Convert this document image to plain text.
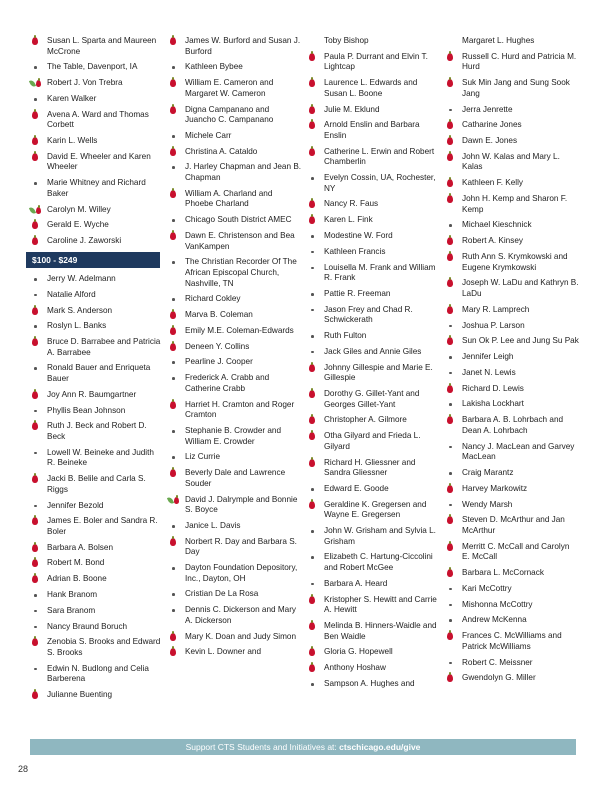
Susan L. Sparta and Maureen McCrone
The Table, Davenport, IA
Robert J. Von Trebra
Karen Walker
Avena A. Ward and Thomas Corbett
Karin L. Wells
David E. Wheeler and Karen Wheeler
Marie Whitney and Richard Baker
Carolyn M. Willey
Gerald E. Wyche
Caroline J. Zaworski
$100 - $249
Jerry W. Adelmann
Natalie Alford
Mark S. Anderson
Roslyn L. Banks
Bruce D. Barrabee and Patricia A. Barrabee
Ronald Bauer and Enriqueta Bauer
Joy Ann R. Baumgartner
Phyllis Bean Johnson
Ruth J. Beck and Robert D. Beck
Lowell W. Beineke and Judith R. Beineke
Jacki B. Belile and Carla S. Riggs
Jennifer Bezold
James E. Boler and Sandra R. Boler
Barbara A. Bolsen
Robert M. Bond
Adrian B. Boone
Hank Branom
Sara Branom
Nancy Braund Boruch
Zenobia S. Brooks and Edward S. Brooks
Edwin N. Budlong and Celia Barberena
Julianne Buenting
James W. Burford and Susan J. Burford
Kathleen Bybee
William E. Cameron and Margaret W. Cameron
Digna Campanano and Juancho C. Campanano
Michele Carr
Christina A. Cataldo
J. Harley Chapman and Jean B. Chapman
William A. Charland and Phoebe Charland
Chicago South District AMEC
Dawn E. Christenson and Bea VanKampen
The Christian Recorder Of The African Episcopal Church, Nashville, TN
Richard Cokley
Marva B. Coleman
Emily M.E. Coleman-Edwards
Deneen Y. Collins
Pearline J. Cooper
Frederick A. Crabb and Catherine Crabb
Harriet H. Cramton and Roger Cramton
Stephanie B. Crowder and William E. Crowder
Liz Currie
Beverly Dale and Lawrence Souder
David J. Dalrymple and Bonnie S. Boyce
Janice L. Davis
Norbert R. Day and Barbara S. Day
Dayton Foundation Depository, Inc., Dayton, OH
Cristian De La Rosa
Dennis C. Dickerson and Mary A. Dickerson
Mary K. Doan and Judy Simon
Kevin L. Downer and
Toby Bishop
Paula P. Durrant and Elvin T. Lightcap
Laurence L. Edwards and Susan L. Boone
Julie M. Eklund
Arnold Enslin and Barbara Enslin
Catherine L. Erwin and Robert Chamberlin
Evelyn Cossin, UA, Rochester, NY
Nancy R. Faus
Karen L. Fink
Modestine W. Ford
Kathleen Francis
Louisella M. Frank and William R. Frank
Pattie R. Freeman
Jason Frey and Chad R. Schwickerath
Ruth Fulton
Jack Giles and Annie Giles
Johnny Gillespie and Marie E. Gillespie
Dorothy G. Gillet-Yant and Georges Gillet-Yant
Christopher A. Gilmore
Otha Gilyard and Frieda L. Gilyard
Richard H. Gliessner and Sandra Gliessner
Edward E. Goode
Geraldine K. Gregersen and Wayne E. Gregersen
John W. Grisham and Sylvia L. Grisham
Elizabeth C. Hartung-Ciccolini and Robert McGee
Barbara A. Heard
Kristopher S. Hewitt and Carrie A. Hewitt
Melinda B. Hinners-Waidle and Ben Waidle
Gloria G. Hopewell
Anthony Hoshaw
Sampson A. Hughes and
Margaret L. Hughes
Russell C. Hurd and Patricia M. Hurd
Suk Min Jang and Sung Sook Jang
Jerra Jenrette
Catharine Jones
Dawn E. Jones
John W. Kalas and Mary L. Kalas
Kathleen F. Kelly
John H. Kemp and Sharon F. Kemp
Michael Kieschnick
Robert A. Kinsey
Ruth Ann S. Krymkowski and Eugene Krymkowski
Joseph W. LaDu and Kathryn B. LaDu
Mary R. Lamprech
Joshua P. Larson
Sun Ok P. Lee and Jung Su Pak
Jennifer Leigh
Janet N. Lewis
Richard D. Lewis
Lakisha Lockhart
Barbara A. B. Lohrbach and Dean A. Lohrbach
Nancy J. MacLean and Garvey MacLean
Craig Marantz
Harvey Markowitz
Wendy Marsh
Steven D. McArthur and Jan McArthur
Merritt C. McCall and Carolyn E. McCall
Barbara L. McCornack
Kari McCottry
Mishonna McCottry
Andrew McKenna
Frances C. McWilliams and Patrick McWilliams
Robert C. Meissner
Gwendolyn G. Miller
Support CTS Students and Initiatives at: ctschicago.edu/give
28
